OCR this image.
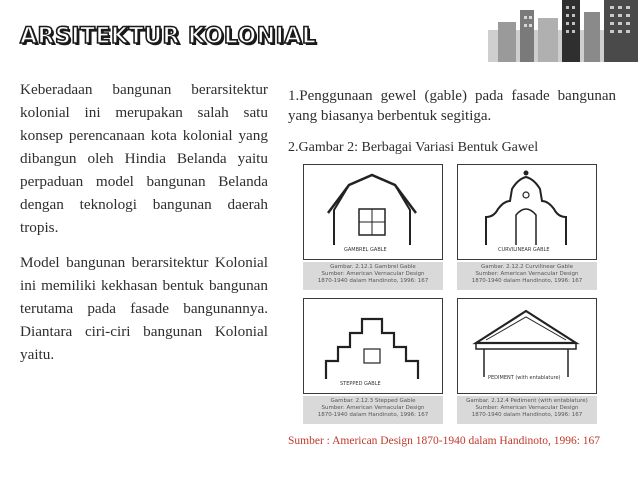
ARSITEKTUR KOLONIAL

Keberadaan bangunan berarsitektur kolonial ini merupakan salah satu konsep perencanaan kota kolonial yang dibangun oleh Hindia Belanda yaitu perpaduan model bangunan Belanda dengan teknologi bangunan daerah tropis.

Model bangunan berarsitektur Kolonial ini memiliki kekhasan bentuk bangunan terutama pada fasade bangunannya. Diantara ciri-ciri bangunan Kolonial yaitu.

1.Penggunaan gewel (gable) pada fasade bangunan yang biasanya berbentuk segitiga.

2.Gambar 2: Berbagai Variasi Bentuk Gawel

GAMBREL GABLE
Gambar. 2.12.1 Gambrel Gable
Sumber: American Vernacular Design
1870-1940 dalam Handinoto, 1996: 167
CURVILINEAR GABLE
Gambar. 2.12.2 Curvilinear Gable
Sumber: American Vernacular Design
1870-1940 dalam Handinoto, 1996: 167
STEPPED GABLE
Gambar. 2.12.3 Stepped Gable
Sumber: American Vernacular Design
1870-1940 dalam Handinoto, 1996: 167
PEDIMENT (with entablature)
Gambar. 2.12.4 Pediment (with entablature)
Sumber: American Vernacular Design
1870-1940 dalam Handinoto, 1996: 167
Sumber : American Design 1870-1940 dalam Handinoto, 1996: 167
